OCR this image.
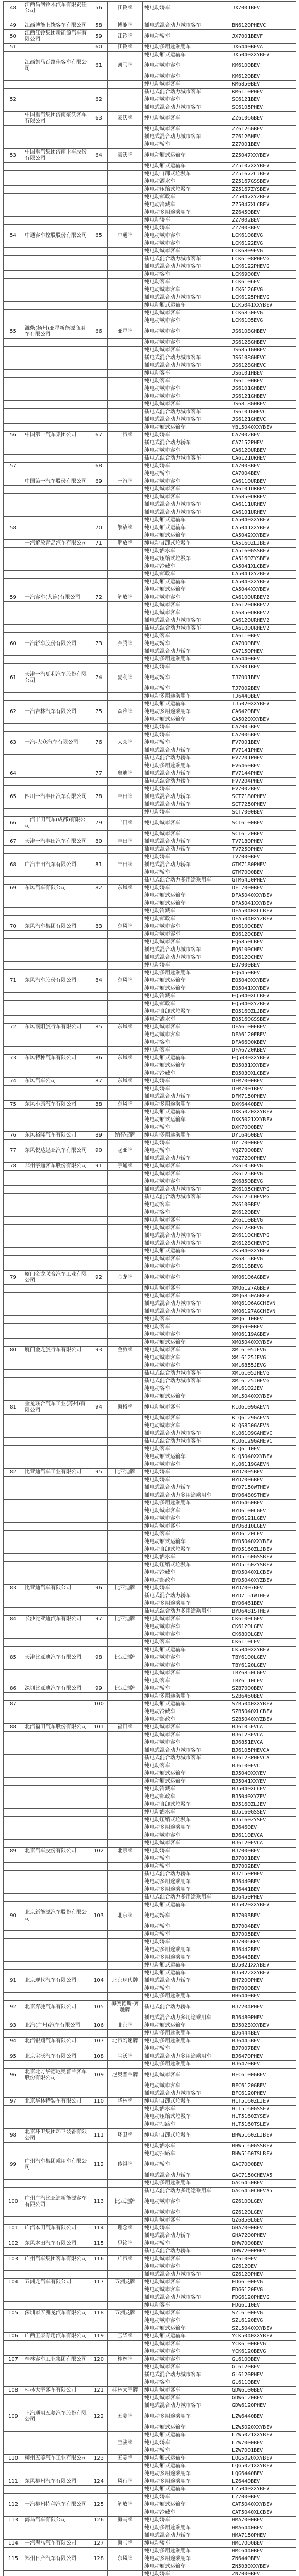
48	江西昌河铃木汽车有限责任公司	56	江铃牌	纯电动轿车	JX7001BEV

49	江西博能上饶客车有限公司	58	博能牌	插电式混合动力城市客车	BN6120PHEVC
50	江西江铃集团新能源汽车有限公司	59	江铃牌	纯电动轿车	JX7001BEVF
51		60	江铃牌	纯电动多用途乘用车	JX6440BEVA
				纯电动厢式运输车	JX5040XXYBEV
	江西凯马百路佳客车有限公司	61	凯马牌	纯电动城市客车	KM6100BEV
				纯电动城市客车	KM6120BEV
				纯电动城市客车	KM6850BEV
				插电式混合动力城市客车	KM6110PHEV
52		62		纯电动城市客车	SC6121BEV
				插电式混合动力城市客车	SC6105PHEV
	中国重汽集团济南豪沃客车有限公司	63	豪沃牌	纯电动城市客车	ZZ6106GBEV
				纯电动城市客车	ZZ6126GBEV
				插电式混合动力城市客车	ZZ6126HEV
				纯电动轿车	ZZ7001BEV
53	中国重汽集团济南卡车股份有限公司	64	豪沃牌	纯电动厢式运输车	ZZ5047XXYBEV
				纯电动厢式运输车	ZZ5107XXYBEV
				纯电动自卸式垃圾车	ZZ5167ZLJBEV
				纯电动洒水车	ZZ5167GSSBEV
				纯电动压缩式垃圾车	ZZ5167ZYSBEV
				纯电动邮政车	ZZ5047XYZBEV
				纯电动冷藏车	ZZ5047XLCBEV
				纯电动多用途乘用车	ZZ6450BEV
				纯电动轿车	ZZ7002BEV
				纯电动轿车	ZZ7003BEV
54	中通客车控股股份有限公司	65	中通牌	纯电动城市客车	LCK6108EVG
				纯电动城市客车	LCK6122EVG
				纯电动城市客车	LCK6809EVG
				插电式混合动力城市客车	LCK6108PHEVG
				插电式混合动力城市客车	LCK6122PHEVG
				纯电动客车	LCK6900EV
				纯电动客车	LCK6106EV
				纯电动城市客车	LCK6126EVG
				插电式混合动力城市客车	LCK6125PHEVG
				纯电动厢式运输车	LCK5041XXYBEV
				纯电动城市客车	LCK6850EVG
				纯电动城市客车	LCK6105EVG
55	潍柴(扬州)亚星新能源商用车有限公司	66	亚星牌	纯电动城市客车	JS6108GHBEV
				纯电动城市客车	JS6128GHBEV
				纯电动城市客车	JS6851GHBEV
				插电式混合动力城市客车	JS6108GHEVC
				插电式混合动力城市客车	JS6128GHEVC
				纯电动客车	JS6101HBEV
				纯电动客车	JS6110HBEV
				纯电动城市客车	JS6101GHBEV
				纯电动城市客车	JS6121GHBEV
				纯电动城市客车	JS6818GHBEV
				插电式混合动力城市客车	JS6101GHEVC
				插电式混合动力城市客车	JS6121GHEVC
				纯电动厢式运输车	YBL5040XXYBEV
56	中国第一汽车集团公司	67	一汽牌	纯电动轿车	CA7002BEV
				插电式混合动力轿车	CA7152PHEV
				纯电动城市客车	CA6120URBEV
				插电式混合动力城市客车	CA6121URHEV
57		68		纯电动轿车	CA7003BEV
				纯电动轿车	CA7004BEV
	中国第一汽车股份有限公司	69	一汽牌	纯电动城市客车	CA6110URBEV
				纯电动城市客车	CA6101URBEV
				纯电动城市客车	CA6850URBEV
				插电式混合动力城市客车	CA6111URHEV
				插电式混合动力城市客车	CA6101URHEV
				纯电动厢式运输车	CA5040XXYBEV
58		70	解放牌	纯电动厢式运输车	CA5041XXYBEV
				纯电动厢式运输车	CA5042XXYBEV
	一汽解放青岛汽车有限公司	71	解放牌	纯电动自卸式垃圾车	CA5160ZLJBEV
				纯电动洒水车	CA5160GSSBEV
				纯电动压缩式垃圾车	CA5160ZYSBEV
				纯电动冷藏车	CA5041XLCBEV
				纯电动邮政车	CA5041XYZBEV
				纯电动厢式运输车	CA5043XXYBEV
				纯电动厢式运输车	CA5044XXYBEV
59	一汽客车(大连)有限公司	72	解放牌	纯电动城市客车	CA6100URBEV2
				纯电动城市客车	CA6120URBEV2
				纯电动城市客车	CA6850URBEV2
				插电式混合动力城市客车	CA6120URHEV2
				插电式混合动力城市客车	CA6100URHEV2
				纯电动客车	CA6110BEV
60	一汽轿车股份有限公司	73	奔腾牌	纯电动轿车	CA7000BEV
				插电式混合动力轿车	CA7150PHEV
				纯电动多用途乘用车	CA6440BEV
				纯电动轿车	CA7001BEV
61	天津一汽夏利汽车股份有限公司	74	夏利牌	纯电动轿车	TJ7001BEV
				纯电动轿车	TJ7002BEV
				纯电动多用途乘用车	TJ6440BEV
				纯电动厢式运输车	TJ5020XXYBEV
62	一汽吉林汽车有限公司	75	森雅牌	纯电动多用途乘用车	CA6420BEV
				纯电动厢式运输车	CA5020XXYBEV
				纯电动轿车	CA7005BEV
				纯电动轿车	CA7006BEV
63	一汽-大众汽车有限公司	76	大众牌	纯电动轿车	FV7001BEV
				插电式混合动力轿车	FV7141PHEV
				插电式混合动力轿车	FV7201PHEV
				纯电动多用途乘用车	FV6460BEV
64		77	奥迪牌	插电式混合动力轿车	FV7144PHEV
				插电式混合动力轿车	FV7204PHEV
				纯电动轿车	FV7002BEV
65	四川一汽丰田汽车有限公司	78	丰田牌	插电式混合动力轿车	SCT7180PHEV
				插电式混合动力轿车	SCT7250PHEV
				纯电动轿车	SCT7000BEV
66	一汽丰田汽车(成都)有限公司	79	丰田牌	纯电动城市客车	SCT6100BEV
				纯电动城市客车	SCT6120BEV
67	天津一汽丰田汽车有限公司	80	丰田牌	插电式混合动力轿车	TV7180PHEV
				插电式混合动力轿车	TV7250PHEV
				纯电动轿车	TV7000BEV
68	广汽丰田汽车有限公司	81	丰田牌	插电式混合动力轿车	GTM7180PHEV
				纯电动轿车	GTM7000BEV
				插电式混合动力多用途乘用车	GTM6450PHEV
69	东风汽车有限公司	82	东风牌	纯电动轿车	DFL7000BEV
				纯电动厢式运输车	DFA5040XXYBEV
				纯电动厢式运输车	DFA5041XXYBEV
				纯电动冷藏车	DFA5040XLCBEV
				纯电动邮政车	DFA5040XYZBEV
70	东风汽车集团有限公司	83	东风牌	纯电动城市客车	EQ6100CBEV
				纯电动城市客车	EQ6120CBEV
				纯电动城市客车	EQ6850CBEV
				插电式混合动力城市客车	EQ6100CHEV
				插电式混合动力城市客车	EQ6120CHEV
				纯电动轿车	EQ7000BEV
				纯电动多用途乘用车	EQ6450BEV
71	东风汽车股份有限公司	84	东风牌	纯电动厢式运输车	EQ5040XXYBEV
				纯电动厢式运输车	EQ5041XXYBEV
				纯电动冷藏车	EQ5040XLCBEV
				纯电动邮政车	EQ5040XYZBEV
				纯电动自卸式垃圾车	EQ5160ZLJBEV
				纯电动洒水车	EQ5160GSSBEV
72	东风襄阳旅行车有限公司	85	东风牌	纯电动城市客车	DFA6100EBEV
				纯电动城市客车	DFA6120EBEV
				纯电动客车	DFA6600KBEV
				纯电动客车	DFA6720KBEV
73	东风特种汽车有限公司	86	东风牌	纯电动厢式运输车	EQ5030XXYBEV
				纯电动厢式运输车	EQ5031XXYBEV
				纯电动冷藏车	EQ5030XLCBEV
74	东风汽车公司	87	东风牌	纯电动轿车	DFM7000BEV
				纯电动轿车	DFM7001BEV
				插电式混合动力轿车	DFM7150PHEV
75	东风小康汽车有限公司	88	东风牌	纯电动多用途乘用车	DXK6440BEV
				纯电动厢式运输车	DXK5020XXYBEV
				纯电动厢式运输车	DXK5021XXYBEV
				纯电动轿车	DXK7000BEV
76	东风裕隆汽车有限公司	89	纳智捷牌	纯电动多用途乘用车	DYL6460BEV
				纯电动轿车	DYL7000BEV
77	东风悦达起亚汽车有限公司	90	起亚牌	纯电动轿车	YQZ7000BEV
				插电式混合动力轿车	YQZ7200PHEV
78	郑州宇通客车股份有限公司	91	宇通牌	纯电动城市客车	ZK6105BEVG
				纯电动城市客车	ZK6125BEVG
				纯电动城市客车	ZK6850BEVG
				插电式混合动力城市客车	ZK6105CHEVPG
				插电式混合动力城市客车	ZK6125CHEVPG
				纯电动客车	ZK6100BEV
				纯电动客车	ZK6120BEV
				纯电动城市客车	ZK6110BEVG
				纯电动城市客车	ZK6128BEVG
				插电式混合动力城市客车	ZK6110CHEVPG
				插电式混合动力城市客车	ZK6128CHEVPG
				纯电动厢式运输车	ZK5040XXYBEV
				纯电动城市客车	ZK6815BEVG
				纯电动城市客车	ZK6118BEVG
79	厦门金龙联合汽车工业有限公司	92	金龙牌	纯电动城市客车	XMQ6106AGBEV
				纯电动城市客车	XMQ6127AGBEV
				纯电动城市客车	XMQ6850AGBEV
				插电式混合动力城市客车	XMQ6106AGCHEVN
				插电式混合动力城市客车	XMQ6127AGCHEVN
				纯电动客车	XMQ6110BEV
				纯电动客车	XMQ6900BEV
				纯电动城市客车	XMQ6119AGBEV
				纯电动厢式运输车	XMQ5040XXYBEV
80	厦门金龙旅行车有限公司	93	金旅牌	纯电动城市客车	XML6105JEVG
				纯电动城市客车	XML6125JEVG
				纯电动城市客车	XML6855JEVG
				插电式混合动力城市客车	XML6105JHEVG
				插电式混合动力城市客车	XML6125JHEVG
				纯电动客车	XML6102JEV
				纯电动厢式运输车	XML5040XXYBEV
81	金龙联合汽车工业(苏州)有限公司	94	海格牌	纯电动城市客车	KLQ6109GAEVN
				纯电动城市客车	KLQ6129GAEVN
				纯电动城市客车	KLQ6850GAEVN
				插电式混合动力城市客车	KLQ6109GAHEVC
				插电式混合动力城市客车	KLQ6129GAHEVC
				纯电动客车	KLQ6110EV
				纯电动厢式运输车	KLQ5040XXYBEV
				纯电动城市客车	KLQ6119GAEVN
82	比亚迪汽车工业有限公司	95	比亚迪牌	纯电动轿车	BYD7005BEV
				纯电动轿车	BYD7006BEV
				插电式混合动力轿车	BYD7150WTHEV
				插电式混合动力多用途乘用车	BYD6480STHEV
				纯电动多用途乘用车	BYD6460BEV
				纯电动城市客车	BYD6100LGEV
				纯电动城市客车	BYD6121LGEV
				纯电动城市客车	BYD6810LGEV
				纯电动客车	BYD6120LEV
				纯电动厢式运输车	BYD5040XXYBEV
				纯电动自卸式垃圾车	BYD5160ZLJBEV
				纯电动洒水车	BYD5160GSSBEV
				纯电动压缩式垃圾车	BYD5160ZYSBEV
				纯电动冷藏车	BYD5040XLCBEV
				纯电动邮政车	BYD5040XYZBEV
83	比亚迪汽车有限公司	96	比亚迪牌	纯电动轿车	BYD7007BEV
				插电式混合动力轿车	BYD7151WTHEV
				纯电动多用途乘用车	BYD6461BEV
				插电式混合动力多用途乘用车	BYD6481STHEV
84	长沙比亚迪汽车有限公司	97	比亚迪牌	纯电动城市客车	CK6100LGEV
				纯电动城市客车	CK6120LGEV
				纯电动城市客车	CK6800LGEV
				纯电动客车	CK6110LEV
				纯电动厢式运输车	CK5040XXYBEV
85	天津比亚迪汽车有限公司	98	比亚迪牌	纯电动城市客车	TBY6100LGEV
				纯电动城市客车	TBY6120LGEV
				纯电动城市客车	TBY6850LGEV
				纯电动客车	TBY6110LEV
86	深圳比亚迪汽车有限公司	99	比亚迪牌	纯电动轿车	SZB7000BEV
				纯电动多用途乘用车	SZB6460BEV
87		100		纯电动厢式运输车	SZB5040XXYBEV
				纯电动冷藏车	SZB5040XLCBEV
				纯电动邮政车	SZB5040XYZBEV
88	北汽福田汽车股份有限公司	101	福田牌	纯电动城市客车	BJ6105EVCA
				纯电动城市客车	BJ6123EVCA
				纯电动城市客车	BJ6851EVCA
				插电式混合动力城市客车	BJ6105PHEVCA
				插电式混合动力城市客车	BJ6123PHEVCA
				纯电动客车	BJ6100EVC
				纯电动厢式运输车	BJ5040XXYEV
				纯电动厢式运输车	BJ5041XXYEV
				纯电动冷藏车	BJ5040XLCEV
				纯电动邮政车	BJ5040XYZEV
				纯电动自卸式垃圾车	BJ5160ZLJEV
				纯电动洒水车	BJ5160GSSEV
				纯电动压缩式垃圾车	BJ5160ZYSEV
				纯电动多用途乘用车	BJ6460EV
				纯电动城市客车	BJ6110EVCA
				纯电动城市客车	BJ6120EVCA
89	北京汽车股份有限公司	102	北京牌	纯电动轿车	BJ7000BEV
				纯电动轿车	BJ7001BEV
				纯电动轿车	BJ7002BEV
				插电式混合动力轿车	BJ7150PHEV
				纯电动多用途乘用车	BJ6440BEV
				纯电动多用途乘用车	BJ6441BEV
				插电式混合动力多用途乘用车	BJ6450PHEV
				纯电动厢式运输车	BJ5020XXYBEV
90	北京新能源汽车股份有限公司	103	北京牌	纯电动轿车	BJ7003BEV
				纯电动轿车	BJ7004BEV
				纯电动轿车	BJ7005BEV
				纯电动轿车	BJ7006BEV
				纯电动多用途乘用车	BJ6442BEV
				纯电动多用途乘用车	BJ6443BEV
				纯电动厢式运输车	BJ5021XXYBEV
				纯电动厢式运输车	BJ5022XXYBEV
91	北京现代汽车有限公司	104	北京现代牌	插电式混合动力轿车	BH7200PHEV
				纯电动轿车	BH7000BEV
				纯电动多用途乘用车	BH6440BEV
92	北京奔驰汽车有限公司	105	梅赛德斯-奔驰牌	插电式混合动力轿车	BJ7204PHEV
				插电式混合动力多用途乘用车	BJ6480PHEV
93	北汽(广州)汽车有限公司	106	北京牌	纯电动厢式运输车	BJ5023XXYBEV
				纯电动多用途乘用车	BJ6444BEV
94	北汽银翔汽车有限公司	107	北汽幻速牌	纯电动多用途乘用车	BJ6445BEV
				纯电动轿车	BJ7007BEV
95	北京宝沃汽车有限公司	108	宝沃牌	插电式混合动力多用途乘用车	BJ6470PHEV
				纯电动多用途乘用车	BJ6470BEV
96	北京北方华德尼奥普兰客车股份有限公司	109	尼奥普兰牌	纯电动城市客车	BFC6100GBEV
				纯电动城市客车	BFC6120GBEV
				插电式混合动力城市客车	BFC6120PHEV
97	北京华林特装车有限公司	110	华林牌	纯电动自卸式垃圾车	HLT5160ZLJEV
				纯电动洒水车	HLT5160GSSEV
				纯电动压缩式垃圾车	HLT5160ZYSEV
				纯电动扫路车	HLT5160TSLEV
98	北京环卫集团环卫装备有限公司	111	环卫牌	纯电动自卸式垃圾车	BHW5160ZLJBEV
				纯电动洒水车	BHW5160GSSBEV
				纯电动扫路车	BHW5160TSLBEV
99	广州汽车集团乘用车有限公司	112	传祺牌	纯电动轿车	GAC7000BEV
				插电式混合动力轿车	GAC7150CHEVA5
				纯电动多用途乘用车	GAC6450BEV
				插电式混合动力多用途乘用车	GAC6450CHEVA5
100	广州广汽比亚迪新能源客车有限公司	113	比亚迪牌	纯电动城市客车	GZ6100LGEV
				纯电动城市客车	GZ6120LGEV
				纯电动城市客车	GZ6850LGEV
101	广汽本田汽车有限公司	114	理念牌	纯电动轿车	GHA7000BEV
				插电式混合动力轿车	GHA7200PHEV
102	东风本田汽车有限公司	115	思铭牌	纯电动轿车	DHW7000BEV
				插电式混合动力轿车	DHW7200PHEV
103	广州汽车集团客车有限公司	116	广汽牌	纯电动城市客车	GZ6100EV
				纯电动城市客车	GZ6120EV
				插电式混合动力城市客车	GZ6120PHEV
104	五洲龙汽车有限公司	117	五洲龙牌	纯电动城市客车	FDG6100EVG
				纯电动城市客车	FDG6120EVG
				插电式混合动力城市客车	FDG6120PHEVG
				纯电动客车	FDG6110EV
105	深圳市五洲龙汽车有限公司	118	五洲龙牌	纯电动城市客车	SZL6100EVG
				纯电动城市客车	SZL6120EVG
				纯电动厢式运输车	SZL5040XXYBEV
106	广西玉柴专用汽车有限公司	119	玉柴牌	纯电动厢式运输车	YCK5040XXYBEV
				纯电动城市客车	YCK6100BEVG
				纯电动城市客车	YCK6120BEVG
107	桂林客车工业集团有限公司	120	桂林牌	纯电动城市客车	GL6100BEV
				纯电动城市客车	GL6120BEV
				插电式混合动力城市客车	GL6120PHEV
				纯电动客车	GL6110BEV
108	桂林大宇客车有限公司	121	桂林大宇牌	纯电动城市客车	GDW6100BEV
				纯电动城市客车	GDW6120BEV
				插电式混合动力城市客车	GDW6120PHEV
109	上汽通用五菱汽车股份有限公司	122	五菱牌	纯电动多用途乘用车	LZW6440BEV
				纯电动厢式运输车	LZW5020XXYBEV
				纯电动厢式运输车	LZW5021XXYBEV
			宝骏牌	纯电动轿车	LZW7000BEV
				纯电动轿车	LZW7001BEV
110	柳州五菱汽车工业有限公司	123	五菱牌	纯电动厢式运输车	LQG5020XXYBEV
				纯电动厢式运输车	LQG5021XXYBEV
				纯电动多用途乘用车	LQG6440BEV
111	东风柳州汽车有限公司	124	风行牌	纯电动多用途乘用车	LZ6440BEV
				纯电动厢式运输车	LZ5040XXYBEV
				纯电动轿车	LZ7000BEV
112	一汽柳州特种汽车有限公司	125	解放牌	纯电动厢式运输车	CAT5040XXYBEV
				纯电动冷藏车	CAT5040XLCBEV
113	海马汽车有限公司	126	海马牌	纯电动轿车	HMA7000BEV
				纯电动多用途乘用车	HMA6440BEV
				插电式混合动力轿车	HMA7150PHEV
114	一汽海马汽车有限公司	127	海马牌	纯电动轿车	HMC7000BEV
				纯电动多用途乘用车	HMC6440BEV
115	郑州日产汽车有限公司	128	东风牌	纯电动多用途乘用车	ZN6440BEV
				纯电动厢式运输车	ZN5030XXYBEV
				纯电动轿车	ZN7000BEV
